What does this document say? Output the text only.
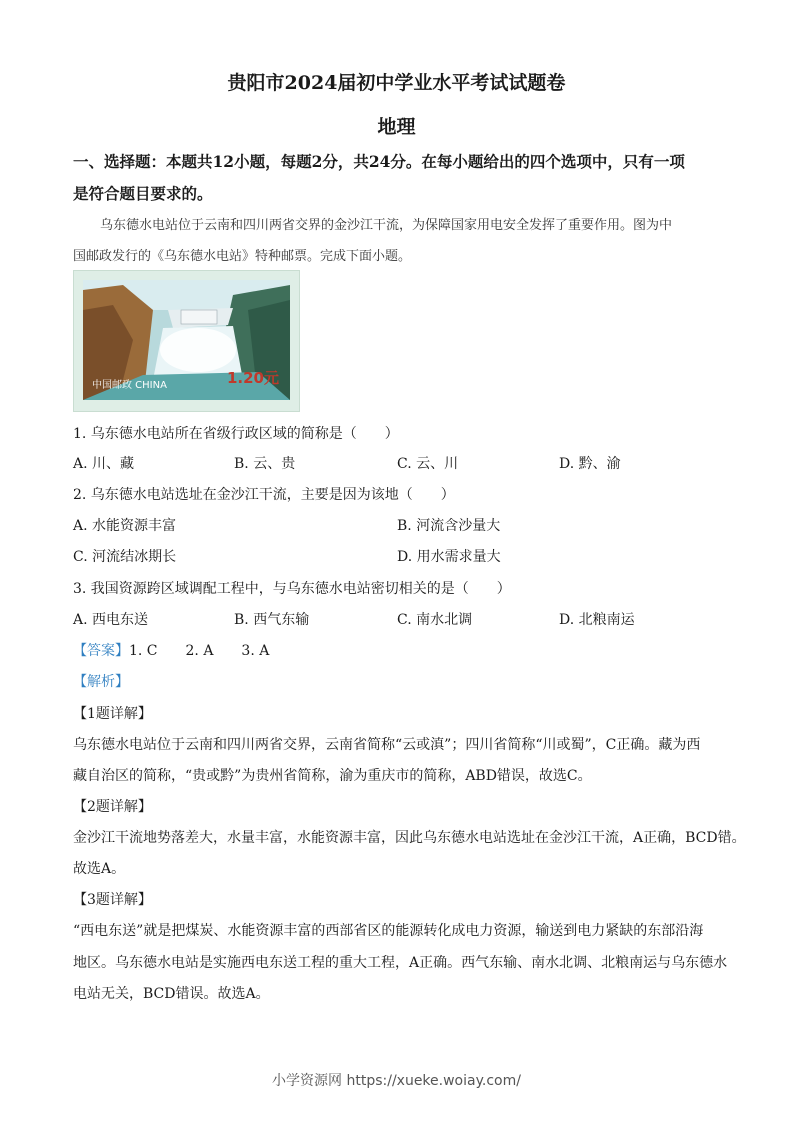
贵阳市2024届初中学业水平考试试题卷
地理
一、选择题：本题共12小题，每题2分，共24分。在每小题给出的四个选项中，只有一项
是符合题目要求的。
乌东德水电站位于云南和四川两省交界的金沙江干流，为保障国家用电安全发挥了重要作用。图为中
国邮政发行的《乌东德水电站》特种邮票。完成下面小题。
中国邮政 CHINA	1.20元
1. 乌东德水电站所在省级行政区域的简称是（　　）
A. 川、藏	B. 云、贵	C. 云、川	D. 黔、渝
2. 乌东德水电站选址在金沙江干流，主要是因为该地（　　）
A. 水能资源丰富	B. 河流含沙量大
C. 河流结冰期长	D. 用水需求量大
3. 我国资源跨区域调配工程中，与乌东德水电站密切相关的是（　　）
A. 西电东送	B. 西气东输	C. 南水北调	D. 北粮南运
【答案】1. C　　2. A　　3. A
【解析】
【1题详解】
乌东德水电站位于云南和四川两省交界，云南省简称“云或滇”；四川省简称“川或蜀”，C正确。藏为西
藏自治区的简称，“贵或黔”为贵州省简称，渝为重庆市的简称，ABD错误，故选C。
【2题详解】
金沙江干流地势落差大，水量丰富，水能资源丰富，因此乌东德水电站选址在金沙江干流，A正确，BCD错。
故选A。
【3题详解】
“西电东送”就是把煤炭、水能资源丰富的西部省区的能源转化成电力资源，输送到电力紧缺的东部沿海
地区。乌东德水电站是实施西电东送工程的重大工程，A正确。西气东输、南水北调、北粮南运与乌东德水
电站无关，BCD错误。故选A。
小学资源网 https://xueke.woiay.com/
